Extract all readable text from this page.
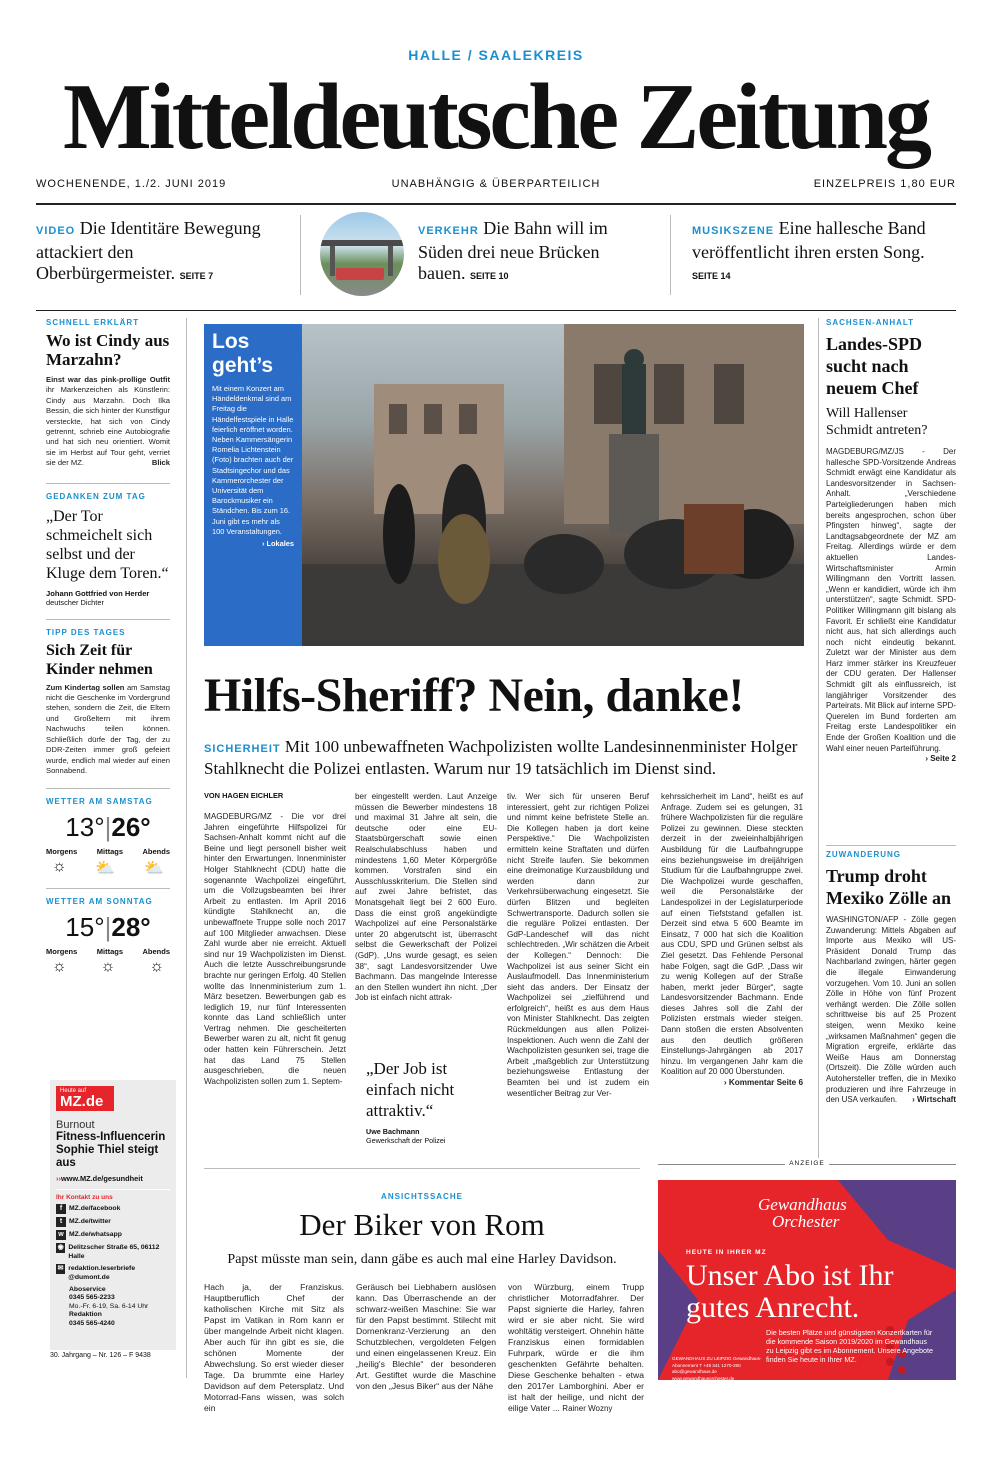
HALLE / SAALEKREIS
Mitteldeutsche Zeitung
WOCHENENDE, 1./2. JUNI 2019	UNABHÄNGIG & ÜBERPARTEILICH	EINZELPREIS 1,80 EUR
VIDEO Die Identitäre Bewegung attackiert den Oberbürgermeister. SEITE 7
VERKEHR Die Bahn will im Süden drei neue Brücken bauen. SEITE 10
MUSIKSZENE Eine hallesche Band veröffentlicht ihren ersten Song. SEITE 14
SCHNELL ERKLÄRT
Wo ist Cindy aus Marzahn?
Einst war das pink-prollige Outfit ihr Markenzeichen als Künstlerin: Cindy aus Marzahn. Doch Ilka Bessin, die sich hinter der Kunstfigur versteckte, hat sich von Cindy getrennt, schrieb eine Autobiografie und hat sich neu orientiert. Womit sie im Herbst auf Tour geht, verriet sie der MZ.	Blick
GEDANKEN ZUM TAG
„Der Tor schmeichelt sich selbst und der Kluge dem Toren.“
Johann Gottfried von Herder
deutscher Dichter
TIPP DES TAGES
Sich Zeit für Kinder nehmen
Zum Kindertag sollen am Samstag nicht die Geschenke im Vordergrund stehen, sondern die Zeit, die Eltern und Großeltern mit ihrem Nachwuchs teilen können. Schließlich dürfe der Tag, der zu DDR-Zeiten immer groß gefeiert wurde, endlich mal wieder auf einen Sonnabend.
WETTER AM SAMSTAG
13°|26°
Morgens	Mittags	Abends
☼ ⛅ ⛅
WETTER AM SONNTAG
15°|28°
Morgens	Mittags	Abends
☼ ☼ ☼
Heute auf
MZ.de
Burnout
Fitness-Influencerin Sophie Thiel steigt aus
››www.MZ.de/gesundheit
Ihr Kontakt zu uns
f	MZ.de/facebook
t	MZ.de/twitter
w MZ.de/whatsapp
◉ Delitzscher Straße 65, 06112 Halle
✉ redaktion.leserbriefe @dumont.de
Aboservice
0345 565-2233
Mo.-Fr. 6-19, Sa. 6-14 Uhr
Redaktion
0345 565-4240
30. Jahrgang – Nr. 126 – F 9438
Los geht’s
Mit einem Konzert am Händeldenkmal sind am Freitag die Händelfestspiele in Halle feierlich eröffnet worden. Neben Kammersängerin Romelia Lichtenstein (Foto) brachten auch der Stadtsingechor und das Kammerorchester der Universität dem Barockmusiker ein Ständchen. Bis zum 16. Juni gibt es mehr als 100 Veranstaltungen.
› Lokales
Hilfs-Sheriff? Nein, danke!
SICHERHEIT Mit 100 unbewaffneten Wachpolizisten wollte Landesinnenminister Holger Stahlknecht die Polizei entlasten. Warum nur 19 tatsächlich im Dienst sind.
VON HAGEN EICHLER
MAGDEBURG/MZ - Die vor drei Jahren eingeführte Hilfspolizei für Sachsen-Anhalt kommt nicht auf die Beine und liegt personell bisher weit hinter den Erwartungen. Innenminister Holger Stahlknecht (CDU) hatte die sogenannte Wachpolizei eingeführt, um die Vollzugsbeamten bei ihrer Arbeit zu entlasten. Im April 2016 kündigte Stahlknecht an, die unbewaffnete Truppe solle noch 2017 auf 100 Mitglieder anwachsen. Diese Zahl wurde aber nie erreicht. Aktuell sind nur 19 Wachpolizisten im Dienst. Auch die letzte Ausschreibungsrunde brachte nur geringen Erfolg. 40 Stellen wollte das Innenministerium zum 1. März besetzen. Bewerbungen gab es lediglich 19, nur fünf Interessenten konnte das Land schließlich unter Vertrag nehmen. Die gescheiterten Bewerber waren zu alt, nicht fit genug oder hatten kein Führerschein. Jetzt hat das Land 75 Stellen ausgeschrieben, die neuen Wachpolizisten sollen zum 1. Septem-
ber eingestellt werden. Laut Anzeige müssen die Bewerber mindestens 18 und maximal 31 Jahre alt sein, die deutsche oder eine EU-Staatsbürgerschaft sowie einen Realschulabschluss haben und mindestens 1,60 Meter Körpergröße kommen. Vorstrafen sind ein Ausschlusskriterium. Die Stellen sind auf zwei Jahre befristet, das Monatsgehalt liegt bei 2 600 Euro. Dass die einst groß angekündigte Wachpolizei auf eine Personalstärke unter 20 abgerutscht ist, überrascht selbst die Gewerkschaft der Polizei (GdP). „Uns wurde gesagt, es seien 38“, sagt Landesvorsitzender Uwe Bachmann. Das mangelnde Interesse an den Stellen wundert ihn nicht. „Der Job ist einfach nicht attrak-
„Der Job ist einfach nicht attraktiv.“
Uwe Bachmann
Gewerkschaft der Polizei
tiv. Wer sich für unseren Beruf interessiert, geht zur richtigen Polizei und nimmt keine befristete Stelle an. Die Kollegen haben ja dort keine Perspektive.“ Die Wachpolizisten ermitteln keine Straftaten und dürfen nicht Streife laufen. Sie bekommen eine dreimonatige Kurzausbildung und werden dann zur Verkehrsüberwachung eingesetzt. Sie dürfen Blitzen und begleiten Schwertransporte. Dadurch sollen sie die reguläre Polizei entlasten. Der GdP-Landeschef will das nicht schlechtreden. „Wir schätzen die Arbeit der Kollegen.“ Dennoch: Die Wachpolizei ist aus seiner Sicht ein Auslaufmodell. Das Innenministerium sieht das anders. Der Einsatz der Wachpolizei sei „zielführend und erfolgreich“, heißt es aus dem Haus von Minister Stahlknecht. Das zeigten Rückmeldungen aus allen Polizei-Inspektionen. Auch wenn die Zahl der Wachpolizisten gesunken sei, trage die Arbeit „maßgeblich zur Unterstützung beziehungsweise Entlastung der Beamten bei und ist zudem ein wesentlicher Beitrag zur Ver-
kehrssicherheit im Land“, heißt es auf Anfrage. Zudem sei es gelungen, 31 frühere Wachpolizisten für die reguläre Polizei zu gewinnen. Diese steckten derzeit in der zweieinhalbjährigen Ausbildung für die Laufbahngruppe eins beziehungsweise im dreijährigen Studium für die Laufbahngruppe zwei. Die Wachpolizei wurde geschaffen, weil die Personalstärke der Landespolizei in der Legislaturperiode auf einen Tiefststand gefallen ist. Derzeit sind etwa 5 600 Beamte im Einsatz, 7 000 hat sich die Koalition aus CDU, SPD und Grünen selbst als Ziel gesetzt. Das Fehlende Personal habe Folgen, sagt die GdP. „Dass wir zu wenig Kollegen auf der Straße haben, merkt jeder Bürger“, sagte Landesvorsitzender Bachmann. Ende dieses Jahres soll die Zahl der Polizisten erstmals wieder steigen. Dann stoßen die ersten Absolventen aus den deutlich größeren Einstellungs-Jahrgängen ab 2017 hinzu. Im vergangenen Jahr kam die Koalition auf 20 000 Überstunden.
› Kommentar Seite 6
SACHSEN-ANHALT
Landes-SPD sucht nach neuem Chef
Will Hallenser Schmidt antreten?
MAGDEBURG/MZ/JS - Der hallesche SPD-Vorsitzende Andreas Schmidt erwägt eine Kandidatur als Landesvorsitzender in Sachsen-Anhalt. „Verschiedene Parteigliederungen haben mich bereits angesprochen, schon über Pfingsten hinweg“, sagte der Landtagsabgeordnete der MZ am Freitag. Allerdings würde er dem aktuellen Landes-Wirtschaftsminister Armin Willingmann den Vortritt lassen. „Wenn er kandidiert, würde ich ihm unterstützen“, sagte Schmidt. SPD-Politiker Willingmann gilt bislang als Favorit. Er schließt eine Kandidatur nicht aus, hat sich allerdings auch noch nicht eindeutig bekannt. Zuletzt war der Minister aus dem Harz immer stärker ins Kreuzfeuer der CDU geraten. Der Hallenser Schmidt gilt als einflussreich, ist langjähriger Vorsitzender des Parteirats. Mit Blick auf interne SPD-Querelen im Bund forderten am Freitag erste Landespolitiker ein Ende der Großen Koalition und die Wahl einer neuen Parteiführung.
› Seite 2
ZUWANDERUNG
Trump droht Mexiko Zölle an
WASHINGTON/AFP - Zölle gegen Zuwanderung: Mittels Abgaben auf Importe aus Mexiko will US-Präsident Donald Trump das Nachbarland zwingen, härter gegen die illegale Einwanderung vorzugehen. Vom 10. Juni an sollen Zölle in Höhe von fünf Prozent verhängt werden. Die Zölle sollen schrittweise bis auf 25 Prozent steigen, wenn Mexiko keine „wirksamen Maßnahmen“ gegen die Migration ergreife, erklärte das Weiße Haus am Donnerstag (Ortszeit). Die Zölle würden auch Autohersteller treffen, die in Mexiko produzieren und ihre Fahrzeuge in den USA verkaufen. › Wirtschaft
ANSICHTSSACHE
Der Biker von Rom
Papst müsste man sein, dann gäbe es auch mal eine Harley Davidson.
Hach ja, der Franziskus. Hauptberuflich Chef der katholischen Kirche mit Sitz als Papst im Vatikan in Rom kann er über mangelnde Arbeit nicht klagen. Aber auch für ihn gibt es sie, die schönen Momente der Abwechslung. So erst wieder dieser Tage. Da brummte eine Harley Davidson auf dem Petersplatz. Und Motorrad-Fans wissen, was solch ein
Geräusch bei Liebhabern auslösen kann. Das Überraschende an der schwarz-weißen Maschine: Sie war für den Papst bestimmt. Stilecht mit Dornenkranz-Verzierung an den Schutzblechen, vergoldeten Felgen und einen eingelassenen Kreuz. Ein „heilig's Blechle“ der besonderen Art. Gestiftet wurde die Maschine von den „Jesus Biker“ aus der Nähe
von Würzburg, einem Trupp christlicher Motorradfahrer. Der Papst signierte die Harley, fahren wird er sie aber nicht. Sie wird wohltätig versteigert. Ohnehin hätte Franziskus einen formidablen Fuhrpark, würde er die ihm geschenkten Gefährte behalten. Diese Geschenke behalten - etwa den 2017er Lamborghini. Aber er ist halt der heilige, und nicht der eilige Vater ... Rainer Wozny
ANZEIGE
Gewandhaus
Orchester
HEUTE IN IHRER MZ
Unser Abo ist Ihr gutes Anrecht.
Die besten Plätze und günstigsten Konzertkarten für die kommende Saison 2019/2020 im Gewandhaus zu Leipzig gibt es im Abonnement. Unsere Angebote finden Sie heute in Ihrer MZ.
GEWANDHAUS ZU LEIPZIG Gewandhaus-Abonnement T +49 341 1270-280 abo@gewandhaus.de www.gewandhausorchester.de
